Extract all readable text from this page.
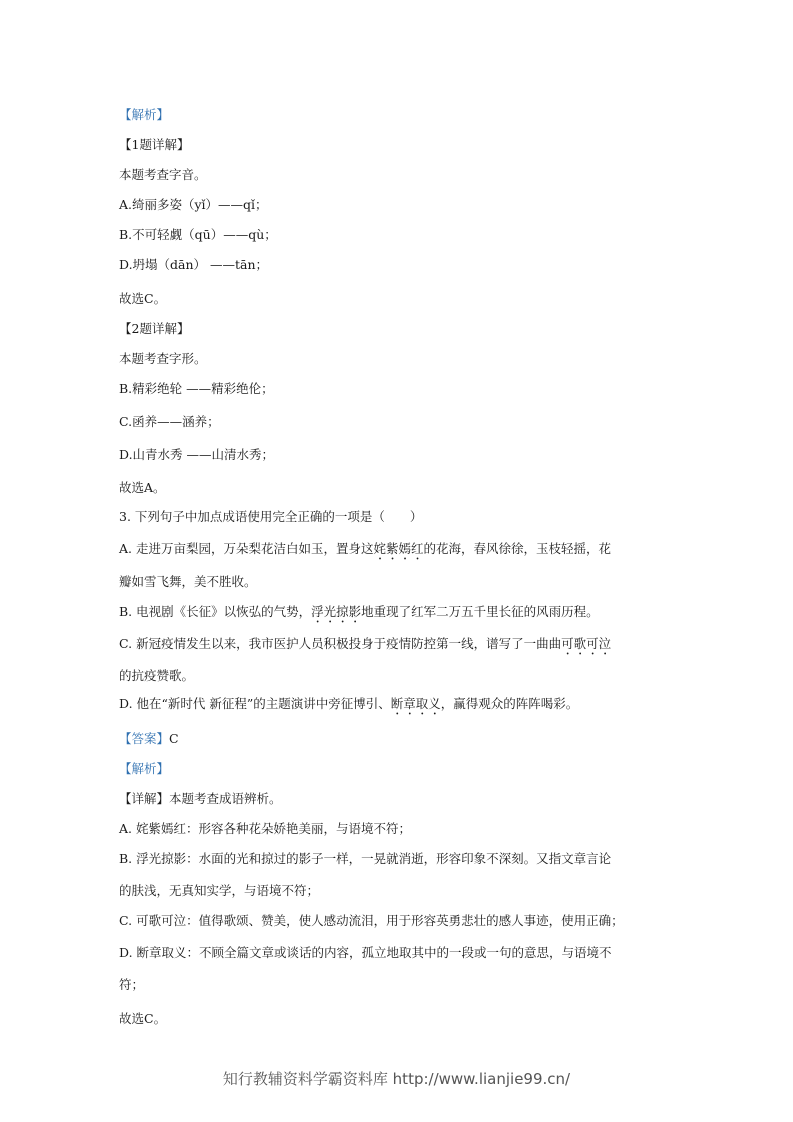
【解析】
【1题详解】
本题考查字音。
A.绮丽多姿（yǐ）——qǐ；
B.不可轻觑（qū）——qù；
D.坍塌（dān） ——tān；
故选C。
【2题详解】
本题考查字形。
B.精彩绝轮 ——精彩绝伦；
C.函养——涵养；
D.山青水秀 ——山清水秀；
故选A。
3. 下列句子中加点成语使用完全正确的一项是（　　）
A. 走进万亩梨园，万朵梨花洁白如玉，置身这姹紫嫣红的花海，春风徐徐，玉枝轻摇，花
瓣如雪飞舞，美不胜收。
B. 电视剧《长征》以恢弘的气势，浮光掠影地重现了红军二万五千里长征的风雨历程。
C. 新冠疫情发生以来，我市医护人员积极投身于疫情防控第一线，谱写了一曲曲可歌可泣
的抗疫赞歌。
D. 他在“新时代 新征程”的主题演讲中旁征博引、断章取义，赢得观众的阵阵喝彩。
【答案】C
【解析】
【详解】本题考查成语辨析。
A. 姹紫嫣红：形容各种花朵娇艳美丽，与语境不符；
B. 浮光掠影：水面的光和掠过的影子一样，一晃就消逝，形容印象不深刻。又指文章言论
的肤浅，无真知实学，与语境不符；
C. 可歌可泣：值得歌颂、赞美，使人感动流泪，用于形容英勇悲壮的感人事迹，使用正确；
D. 断章取义：不顾全篇文章或谈话的内容，孤立地取其中的一段或一句的意思，与语境不
符；
故选C。
知行教辅资料学霸资料库 http://www.lianjie99.cn/
